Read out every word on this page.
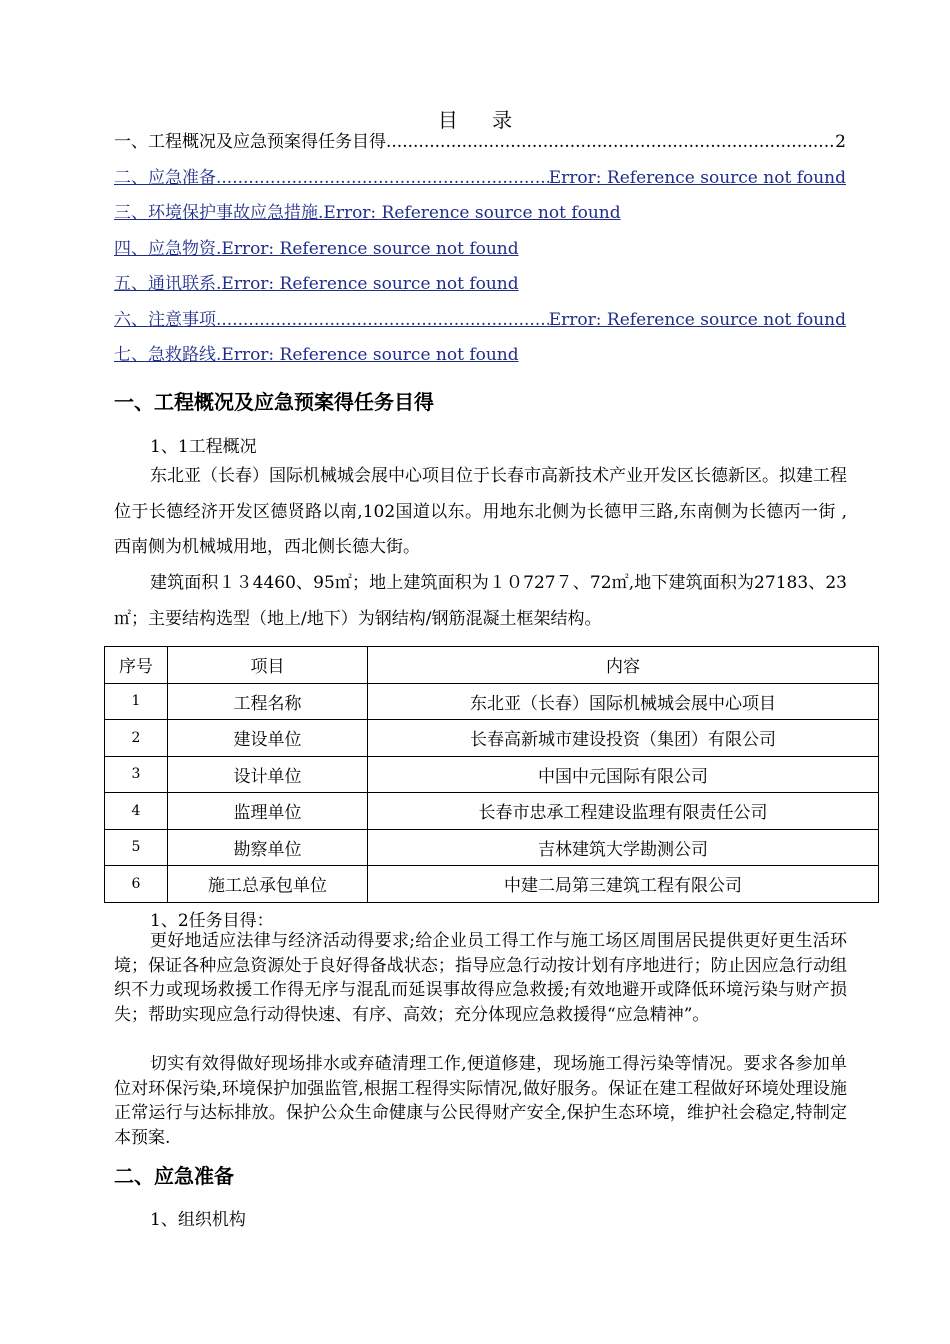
目 录
一、工程概况及应急预案得任务目得 .....	2
二、应急准备 .....	Error: Reference source not found
三、环境保护事故应急措施 .Error: Reference source not found
四、应急物资 .Error: Reference source not found
五、通讯联系 .Error: Reference source not found
六、注意事项 .....	Error: Reference source not found
七、急救路线 .Error: Reference source not found
一、工程概况及应急预案得任务目得
1、1工程概况
东北亚（长春）国际机械城会展中心项目位于长春市高新技术产业开发区长德新区。拟建工程位于长德经济开发区德贤路以南,102国道以东。用地东北侧为长德甲三路,东南侧为长德丙一街 ,西南侧为机械城用地，西北侧长德大街。
建筑面积１３4460、95㎡；地上建筑面积为１０727７、72㎡,地下建筑面积为27183、23㎡；主要结构选型（地上/地下）为钢结构/钢筋混凝土框架结构。
序号	项目	内容
1	工程名称	东北亚（长春）国际机械城会展中心项目
2	建设单位	长春高新城市建设投资（集团）有限公司
3	设计单位	中国中元国际有限公司
4	监理单位	长春市忠承工程建设监理有限责任公司
5	勘察单位	吉林建筑大学勘测公司
6	施工总承包单位	中建二局第三建筑工程有限公司
1、2任务目得：
更好地适应法律与经济活动得要求;给企业员工得工作与施工场区周围居民提供更好更生活环境；保证各种应急资源处于良好得备战状态；指导应急行动按计划有序地进行；防止因应急行动组织不力或现场救援工作得无序与混乱而延误事故得应急救援;有效地避开或降低环境污染与财产损失；帮助实现应急行动得快速、有序、高效；充分体现应急救援得“应急精神”。
切实有效得做好现场排水或弃碴清理工作,便道修建，现场施工得污染等情况。要求各参加单位对环保污染,环境保护加强监管,根据工程得实际情况,做好服务。保证在建工程做好环境处理设施正常运行与达标排放。保护公众生命健康与公民得财产安全,保护生态环境，维护社会稳定,特制定本预案.
二、应急准备
1、组织机构
